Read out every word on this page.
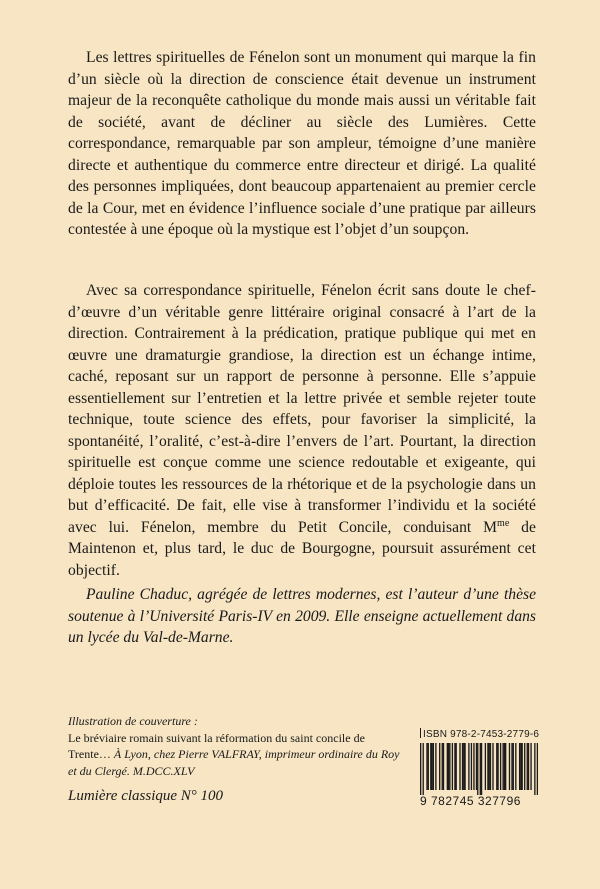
Les lettres spirituelles de Fénelon sont un monument qui marque la fin d’un siècle où la direction de conscience était devenue un instrument majeur de la reconquête catholique du monde mais aussi un véritable fait de société, avant de décliner au siècle des Lumières. Cette correspondance, remarquable par son ampleur, témoigne d’une manière directe et authentique du commerce entre directeur et dirigé. La qualité des personnes impliquées, dont beaucoup appartenaient au premier cercle de la Cour, met en évidence l’influence sociale d’une pratique par ailleurs contestée à une époque où la mystique est l’objet d’un soupçon.

Avec sa correspondance spirituelle, Fénelon écrit sans doute le chef-d’œuvre d’un véritable genre littéraire original consacré à l’art de la direction. Contrairement à la prédication, pratique publique qui met en œuvre une dramaturgie grandiose, la direction est un échange intime, caché, reposant sur un rapport de personne à personne. Elle s’appuie essentiellement sur l’entretien et la lettre privée et semble rejeter toute technique, toute science des effets, pour favoriser la simplicité, la spontanéité, l’oralité, c’est-à-dire l’envers de l’art. Pourtant, la direction spirituelle est conçue comme une science redoutable et exigeante, qui déploie toutes les ressources de la rhétorique et de la psychologie dans un but d’efficacité. De fait, elle vise à transformer l’individu et la société avec lui. Fénelon, membre du Petit Concile, conduisant $M^{me}$ de Maintenon et, plus tard, le duc de Bourgogne, poursuit assurément cet objectif.

Pauline Chaduc, agrégée de lettres modernes, est l’auteur d’une thèse soutenue à l’Université Paris-IV en 2009. Elle enseigne actuellement dans un lycée du Val-de-Marne.

Illustration de couverture :
Le bréviaire romain suivant la réformation du saint concile de Trente… À Lyon, chez Pierre VALFRAY, imprimeur ordinaire du Roy et du Clergé. M.DCC.XLV

Lumière classique N° 100
ISBN 978-2-7453-2779-6
9 782745 327796
